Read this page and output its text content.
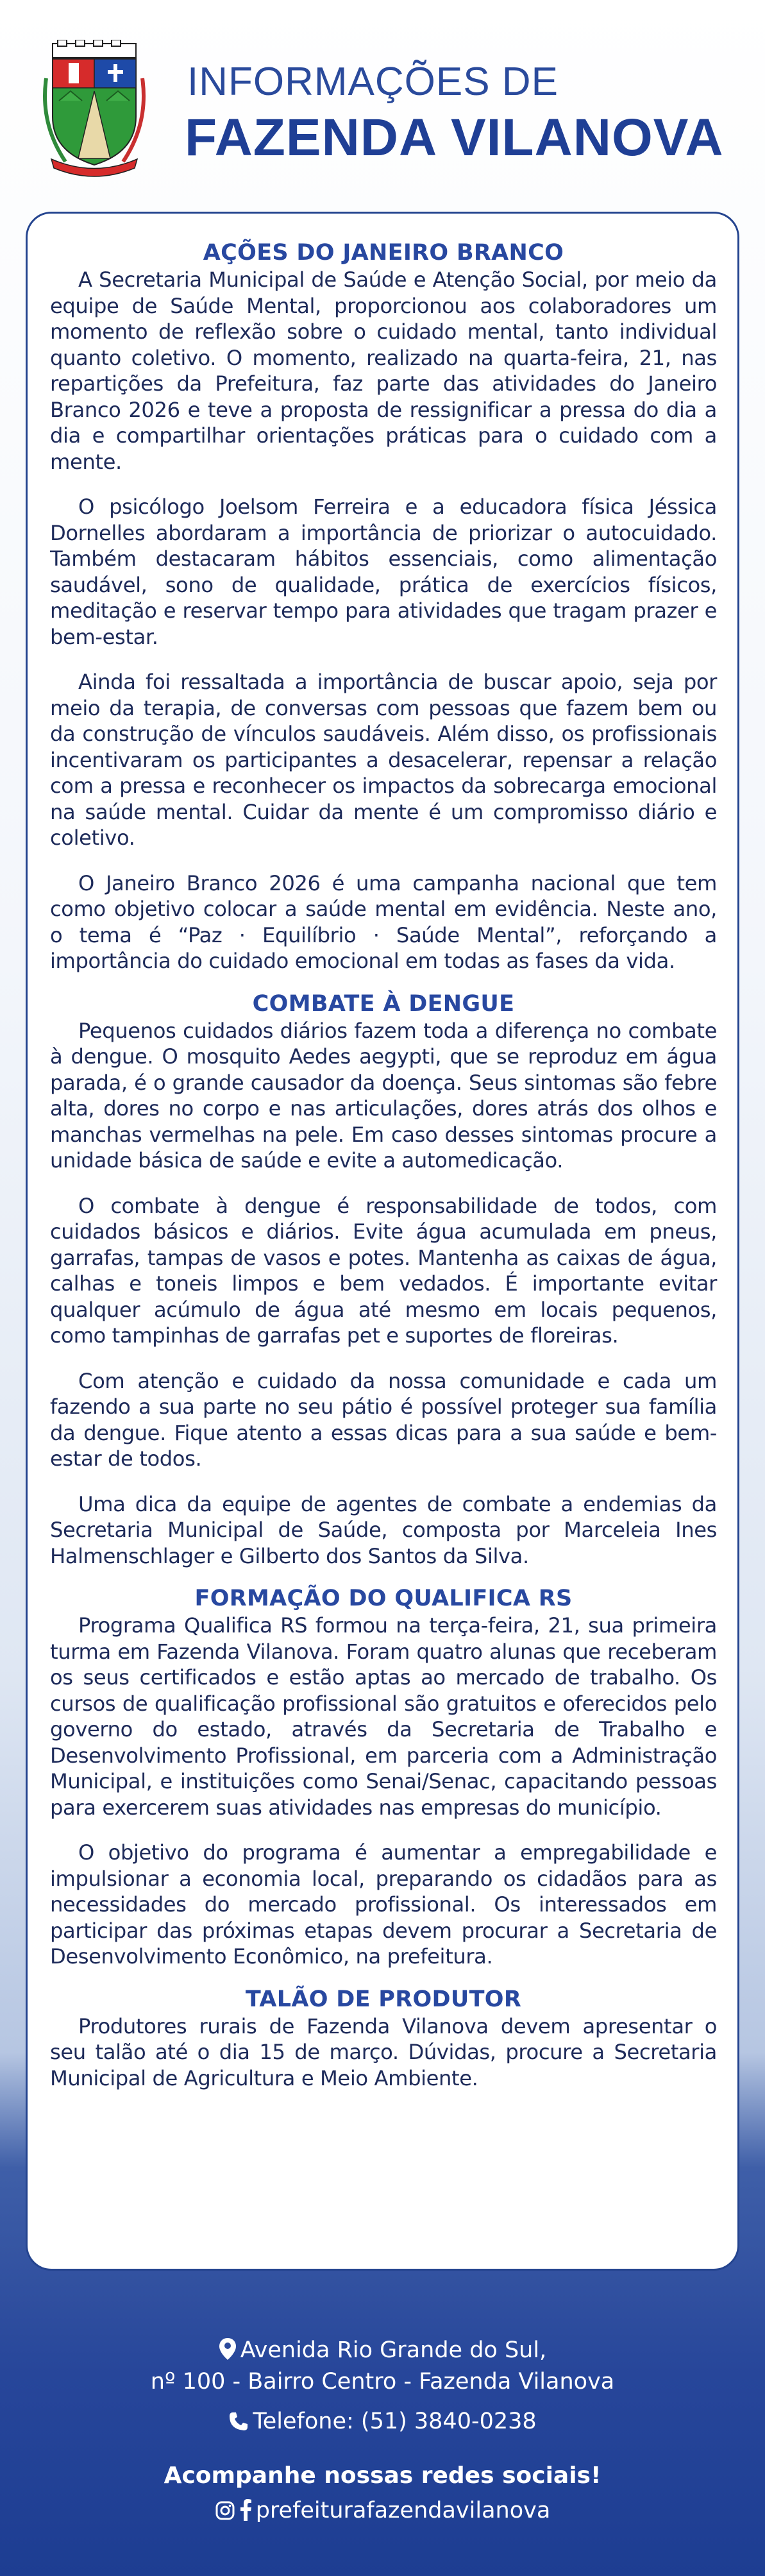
INFORMAÇÕES DE
FAZENDA VILANOVA
AÇÕES DO JANEIRO BRANCO

A Secretaria Municipal de Saúde e Atenção Social, por meio da equipe de Saúde Mental, proporcionou aos colaboradores um momento de reflexão sobre o cuidado mental, tanto individual quanto coletivo. O momento, realizado na quarta-feira, 21, nas repartições da Prefeitura, faz parte das atividades do Janeiro Branco 2026 e teve a proposta de ressignificar a pressa do dia a dia e compartilhar orientações práticas para o cuidado com a mente.

O psicólogo Joelsom Ferreira e a educadora física Jéssica Dornelles abordaram a importância de priorizar o autocuidado. Também destacaram hábitos essenciais, como alimentação saudável, sono de qualidade, prática de exercícios físicos, meditação e reservar tempo para atividades que tragam prazer e bem-estar.

Ainda foi ressaltada a importância de buscar apoio, seja por meio da terapia, de conversas com pessoas que fazem bem ou da construção de vínculos saudáveis. Além disso, os profissionais incentivaram os participantes a desacelerar, repensar a relação com a pressa e reconhecer os impactos da sobrecarga emocional na saúde mental. Cuidar da mente é um compromisso diário e coletivo.

O Janeiro Branco 2026 é uma campanha nacional que tem como objetivo colocar a saúde mental em evidência. Neste ano, o tema é “Paz · Equilíbrio · Saúde Mental”, reforçando a importância do cuidado emocional em todas as fases da vida.

COMBATE À DENGUE

Pequenos cuidados diários fazem toda a diferença no combate à dengue. O mosquito Aedes aegypti, que se reproduz em água parada, é o grande causador da doença. Seus sintomas são febre alta, dores no corpo e nas articulações, dores atrás dos olhos e manchas vermelhas na pele. Em caso desses sintomas procure a unidade básica de saúde e evite a automedicação.

O combate à dengue é responsabilidade de todos, com cuidados básicos e diários. Evite água acumulada em pneus, garrafas, tampas de vasos e potes. Mantenha as caixas de água, calhas e toneis limpos e bem vedados. É importante evitar qualquer acúmulo de água até mesmo em locais pequenos, como tampinhas de garrafas pet e suportes de floreiras.

Com atenção e cuidado da nossa comunidade e cada um fazendo a sua parte no seu pátio é possível proteger sua família da dengue. Fique atento a essas dicas para a sua saúde e bem-estar de todos.

Uma dica da equipe de agentes de combate a endemias da Secretaria Municipal de Saúde, composta por Marceleia Ines Halmenschlager e Gilberto dos Santos da Silva.

FORMAÇÃO DO QUALIFICA RS

Programa Qualifica RS formou na terça-feira, 21, sua primeira turma em Fazenda Vilanova. Foram quatro alunas que receberam os seus certificados e estão aptas ao mercado de trabalho. Os cursos de qualificação profissional são gratuitos e oferecidos pelo governo do estado, através da Secretaria de Trabalho e Desenvolvimento Profissional, em parceria com a Administração Municipal, e instituições como Senai/Senac, capacitando pessoas para exercerem suas atividades nas empresas do município.

O objetivo do programa é aumentar a empregabilidade e impulsionar a economia local, preparando os cidadãos para as necessidades do mercado profissional. Os interessados em participar das próximas etapas devem procurar a Secretaria de Desenvolvimento Econômico, na prefeitura.

TALÃO DE PRODUTOR

Produtores rurais de Fazenda Vilanova devem apresentar o seu talão até o dia 15 de março. Dúvidas, procure a Secretaria Municipal de Agricultura e Meio Ambiente.

Avenida Rio Grande do Sul,
nº 100 - Bairro Centro - Fazenda Vilanova
Telefone: (51) 3840-0238
Acompanhe nossas redes sociais!
prefeiturafazendavilanova
